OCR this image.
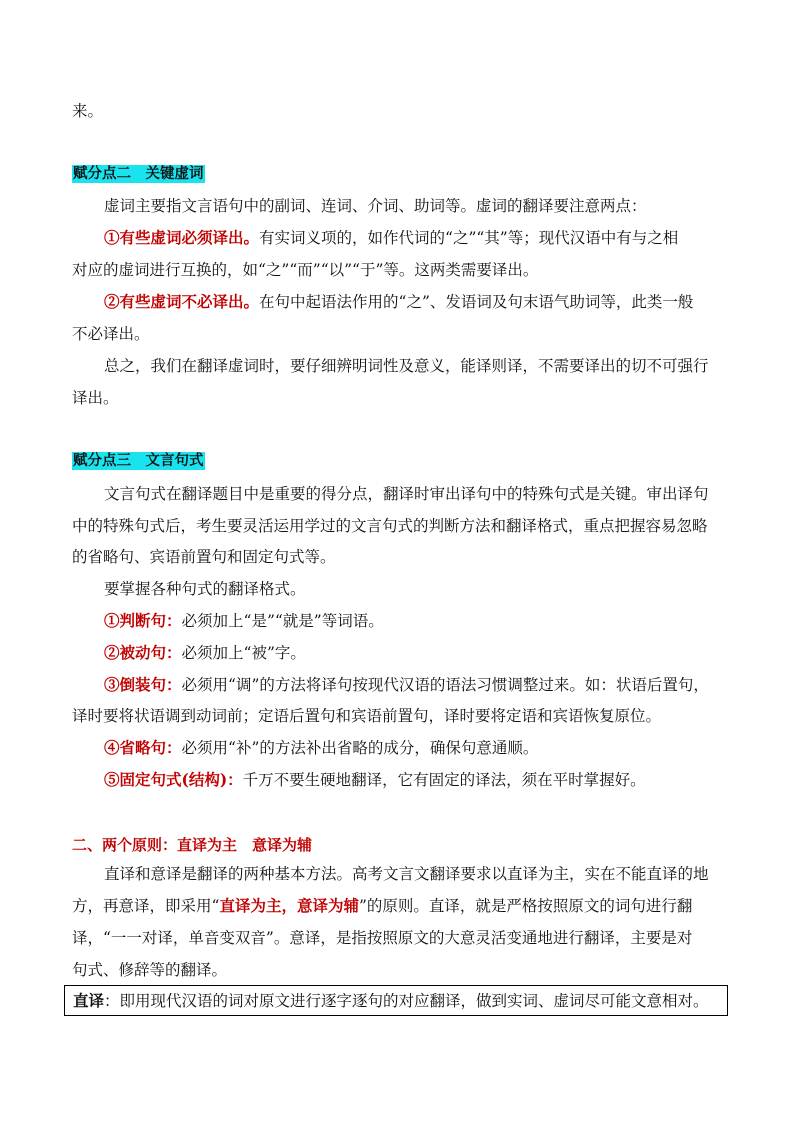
来。
赋分点二　关键虚词
虚词主要指文言语句中的副词、连词、介词、助词等。虚词的翻译要注意两点：
①有些虚词必须译出。有实词义项的，如作代词的“之”“其”等；现代汉语中有与之相
对应的虚词进行互换的，如“之”“而”“以”“于”等。这两类需要译出。
②有些虚词不必译出。在句中起语法作用的“之”、发语词及句末语气助词等，此类一般
不必译出。
总之，我们在翻译虚词时，要仔细辨明词性及意义，能译则译，不需要译出的切不可强行
译出。
赋分点三　文言句式
文言句式在翻译题目中是重要的得分点，翻译时审出译句中的特殊句式是关键。审出译句
中的特殊句式后，考生要灵活运用学过的文言句式的判断方法和翻译格式，重点把握容易忽略
的省略句、宾语前置句和固定句式等。
要掌握各种句式的翻译格式。
①判断句：必须加上“是”“就是”等词语。
②被动句：必须加上“被”字。
③倒装句：必须用“调”的方法将译句按现代汉语的语法习惯调整过来。如：状语后置句，
译时要将状语调到动词前；定语后置句和宾语前置句，译时要将定语和宾语恢复原位。
④省略句：必须用“补”的方法补出省略的成分，确保句意通顺。
⑤固定句式(结构)：千万不要生硬地翻译，它有固定的译法，须在平时掌握好。
二、两个原则：直译为主　意译为辅
直译和意译是翻译的两种基本方法。高考文言文翻译要求以直译为主，实在不能直译的地
方，再意译，即采用“直译为主，意译为辅”的原则。直译，就是严格按照原文的词句进行翻
译，“一一对译，单音变双音”。意译，是指按照原文的大意灵活变通地进行翻译，主要是对
句式、修辞等的翻译。
直译：即用现代汉语的词对原文进行逐字逐句的对应翻译，做到实词、虚词尽可能文意相对。
